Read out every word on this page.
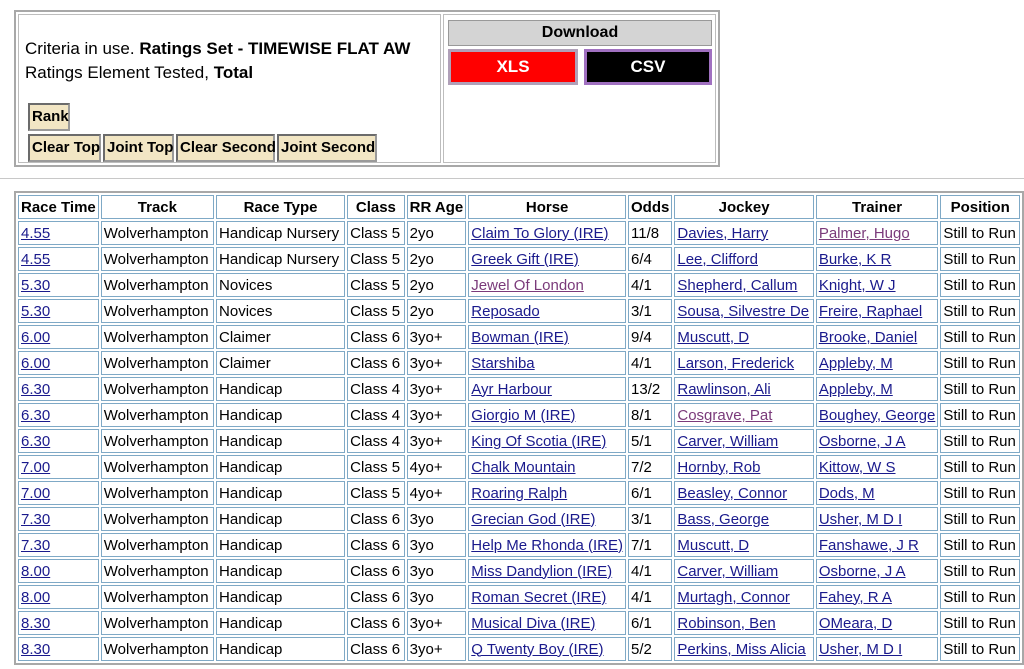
Criteria in use. Ratings Set - TIMEWISE FLAT AW
Ratings Element Tested, Total
Rank
Clear Top Joint Top Clear Second Joint Second
Download
XLS	CSV
Race Time	Track	Race Type	Class	RR Age	Horse	Odds	Jockey	Trainer	Position
4.55	Wolverhampton	Handicap Nursery	Class 5	2yo	Claim To Glory (IRE)	11/8	Davies, Harry	Palmer, Hugo	Still to Run
4.55	Wolverhampton	Handicap Nursery	Class 5	2yo	Greek Gift (IRE)	6/4	Lee, Clifford	Burke, K R	Still to Run
5.30	Wolverhampton	Novices	Class 5	2yo	Jewel Of London	4/1	Shepherd, Callum	Knight, W J	Still to Run
5.30	Wolverhampton	Novices	Class 5	2yo	Reposado	3/1	Sousa, Silvestre De	Freire, Raphael	Still to Run
6.00	Wolverhampton	Claimer	Class 6	3yo+	Bowman (IRE)	9/4	Muscutt, D	Brooke, Daniel	Still to Run
6.00	Wolverhampton	Claimer	Class 6	3yo+	Starshiba	4/1	Larson, Frederick	Appleby, M	Still to Run
6.30	Wolverhampton	Handicap	Class 4	3yo+	Ayr Harbour	13/2	Rawlinson, Ali	Appleby, M	Still to Run
6.30	Wolverhampton	Handicap	Class 4	3yo+	Giorgio M (IRE)	8/1	Cosgrave, Pat	Boughey, George	Still to Run
6.30	Wolverhampton	Handicap	Class 4	3yo+	King Of Scotia (IRE)	5/1	Carver, William	Osborne, J A	Still to Run
7.00	Wolverhampton	Handicap	Class 5	4yo+	Chalk Mountain	7/2	Hornby, Rob	Kittow, W S	Still to Run
7.00	Wolverhampton	Handicap	Class 5	4yo+	Roaring Ralph	6/1	Beasley, Connor	Dods, M	Still to Run
7.30	Wolverhampton	Handicap	Class 6	3yo	Grecian God (IRE)	3/1	Bass, George	Usher, M D I	Still to Run
7.30	Wolverhampton	Handicap	Class 6	3yo	Help Me Rhonda (IRE)	7/1	Muscutt, D	Fanshawe, J R	Still to Run
8.00	Wolverhampton	Handicap	Class 6	3yo	Miss Dandylion (IRE)	4/1	Carver, William	Osborne, J A	Still to Run
8.00	Wolverhampton	Handicap	Class 6	3yo	Roman Secret (IRE)	4/1	Murtagh, Connor	Fahey, R A	Still to Run
8.30	Wolverhampton	Handicap	Class 6	3yo+	Musical Diva (IRE)	6/1	Robinson, Ben	OMeara, D	Still to Run
8.30	Wolverhampton	Handicap	Class 6	3yo+	Q Twenty Boy (IRE)	5/2	Perkins, Miss Alicia	Usher, M D I	Still to Run
